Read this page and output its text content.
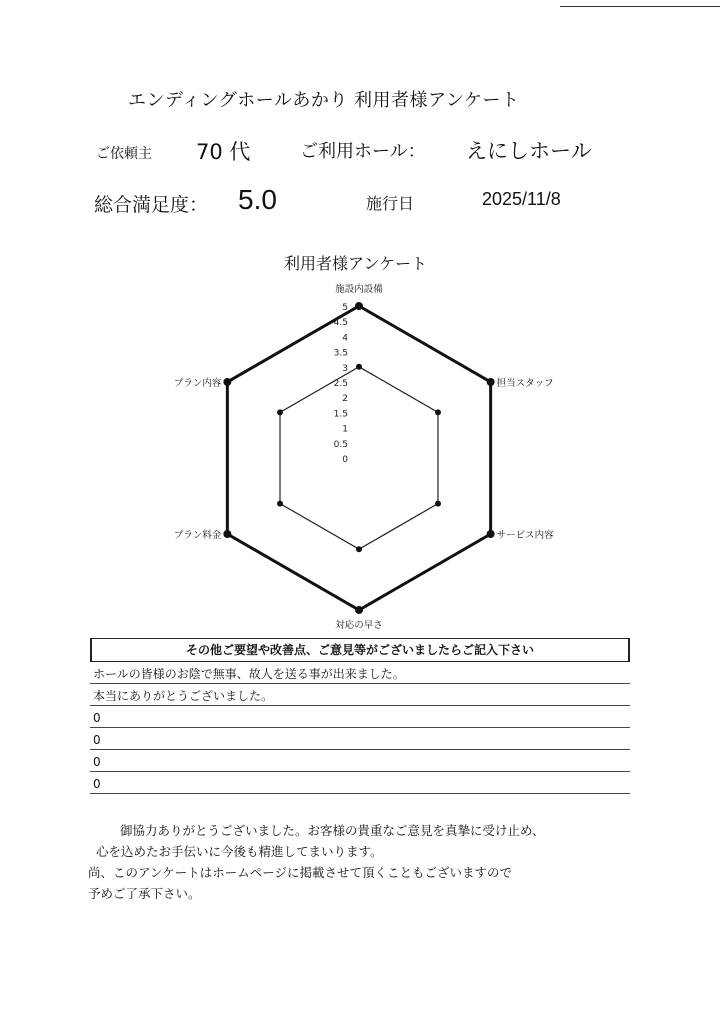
エンディングホールあかり 利用者様アンケート
ご依頼主 70 代	ご利用ホール： えにしホール
総合満足度： 5.0	施行日	2025/11/8
利用者様アンケート
5
4.5
4
3.5
3
2.5
2
1.5
1
0.5
0
施設内設備
担当スタッフ
サービス内容
対応の早さ
プラン料金
プラン内容
その他ご要望や改善点、ご意見等がございましたらご記入下さい
ホールの皆様のお陰で無事、故人を送る事が出来ました。
本当にありがとうございました。
0
0
0
0

御協力ありがとうございました。お客様の貴重なご意見を真摯に受け止め、

心を込めたお手伝いに今後も精進してまいります。

尚、このアンケートはホームページに掲載させて頂くこともございますので

予めご了承下さい。
